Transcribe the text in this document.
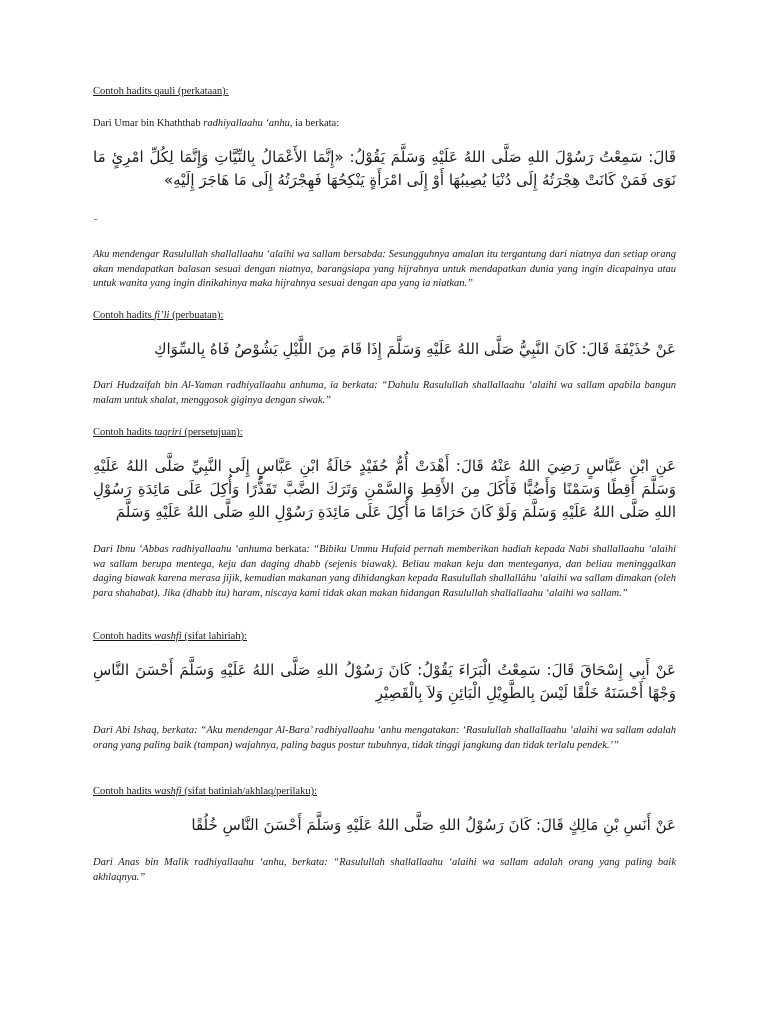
Contoh hadits qauli (perkataan):
Dari Umar bin Khaththab radhiyallaahu ‘anhu, ia berkata:
قَالَ: سَمِعْتُ رَسُوْلَ اللهِ صَلَّى اللهُ عَلَيْهِ وَسَلَّمَ يَقُوْلُ: «إِنَّمَا الأَعْمَالُ بِالنِّيَّاتِ وَإِنَّمَا لِكُلِّ امْرِئٍ مَا نَوَى فَمَنْ كَانَتْ هِجْرَتُهُ إِلَى دُنْيَا يُصِيبُهَا أَوْ إِلَى امْرَأَةٍ يَنْكِحُهَا فَهِجْرَتُهُ إِلَى مَا هَاجَرَ إِلَيْهِ»
˜
Aku mendengar Rasulullah shallallaahu ‘alaihi wa sallam bersabda: Sesungguhnya amalan itu tergantung dari niatnya dan setiap orang akan mendapatkan balasan sesuai dengan niatnya, barangsiapa yang hijrahnya untuk mendapatkan dunia yang ingin dicapainya atau untuk wanita yang ingin dinikahinya maka hijrahnya sesuai dengan apa yang ia niatkan.”
Contoh hadits fi’li (perbuatan):
عَنْ حُذَيْفَةَ قَالَ: كَانَ النَّبِيُّ صَلَّى اللهُ عَلَيْهِ وَسَلَّمَ إِذَا قَامَ مِنَ اللَّيْلِ يَشُوْصُ فَاهُ بِالسِّوَاكِ
Dari Hudzaifah bin Al-Yaman radhiyallaahu anhuma, ia berkata: “Dahulu Rasulullah shallallaahu ‘alaihi wa sallam apabila bangun malam untuk shalat, menggosok giginya dengan siwak.”
Contoh hadits taqriri (persetujuan):
عَنِ ابْنِ عَبَّاسٍ رَضِيَ اللهُ عَنْهُ قَالَ: أَهْدَتْ أُمُّ حُفَيْدٍ خَالَةُ ابْنِ عَبَّاسٍ إِلَى النَّبِيِّ صَلَّى اللهُ عَلَيْهِ وَسَلَّمَ أَقِطًا وَسَمْنًا وَأَضُبًّا فَأَكَلَ مِنَ الأَقِطِ وَالسَّمْنِ وَتَرَكَ الضَّبَّ تَقَذُّرًا وَأُكِلَ عَلَى مَائِدَةِ رَسُوْلِ اللهِ صَلَّى اللهُ عَلَيْهِ وَسَلَّمَ وَلَوْ كَانَ حَرَامًا مَا أُكِلَ عَلَى مَائِدَةِ رَسُوْلِ اللهِ صَلَّى اللهُ عَلَيْهِ وَسَلَّمَ
Dari Ibnu ‘Abbas radhiyallaahu ‘anhuma berkata: “Bibiku Ummu Hufaid pernah memberikan hadiah kepada Nabi shallallaahu ‘alaihi wa sallam berupa mentega, keju dan daging dhabb (sejenis biawak). Beliau makan keju dan menteganya, dan beliau meninggalkan daging biawak karena merasa jijik, kemudian makanan yang dihidangkan kepada Rasulullah shallallâhu ‘alaihi wa sallam dimakan (oleh para shahabat). Jika (dhabb itu) haram, niscaya kami tidak akan makan hidangan Rasulullah shallallaahu ‘alaihi wa sallam.”
Contoh hadits washfi (sifat lahiriah):
عَنْ أَبِي إِسْحَاقَ قَالَ: سَمِعْتُ الْبَرَاءَ يَقُوْلُ: كَانَ رَسُوْلُ اللهِ صَلَّى اللهُ عَلَيْهِ وَسَلَّمَ أَحْسَنَ النَّاسِ وَجْهًا أَحْسَنَهُ خَلْقًا لَيْسَ بِالطَّوِيْلِ الْبَائِنِ وَلاَ بِالْقَصِيْرِ
Dari Abi Ishaq, berkata: “Aku mendengar Al-Bara’ radhiyallaahu ‘anhu mengatakan: ‘Rasulullah shallallaahu ‘alaihi wa sallam adalah orang yang paling baik (tampan) wajahnya, paling bagus postur tubuhnya, tidak tinggi jangkung dan tidak terlalu pendek.’”
Contoh hadits washfi (sifat batiniah/akhlaq/perilaku):
عَنْ أَنَسِ بْنِ مَالِكٍ قَالَ: كَانَ رَسُوْلُ اللهِ صَلَّى اللهُ عَلَيْهِ وَسَلَّمَ أَحْسَنَ النَّاسِ خُلُقًا
Dari Anas bin Malik radhiyallaahu ‘anhu, berkata: “Rasulullah shallallaahu ‘alaihi wa sallam adalah orang yang paling baik akhlaqnya.”
